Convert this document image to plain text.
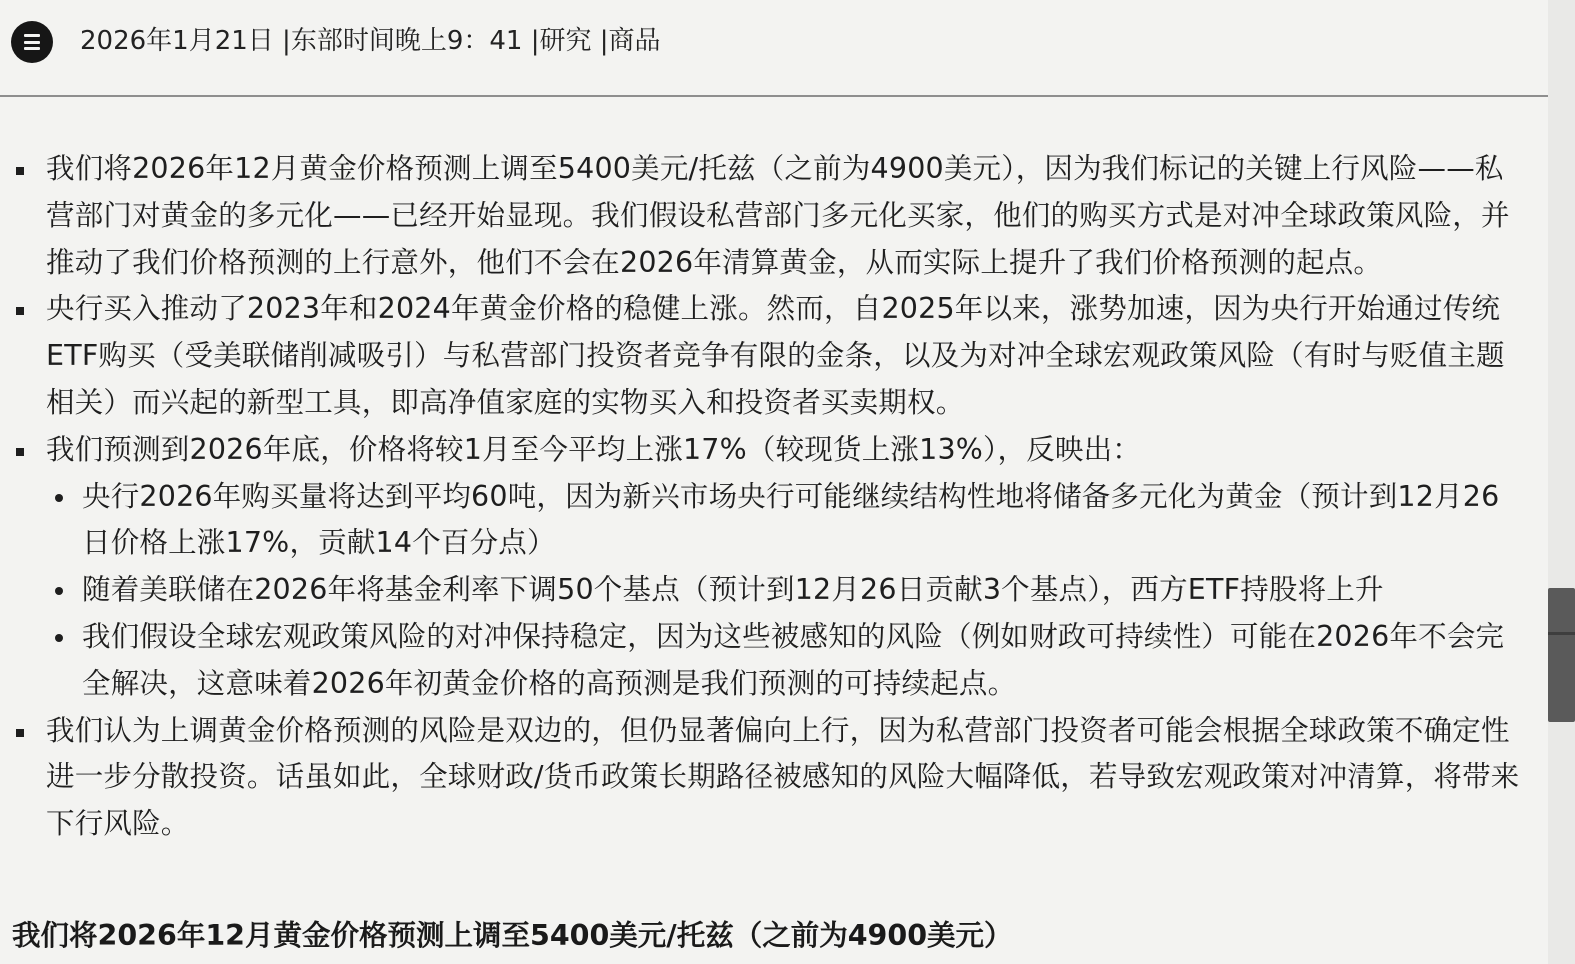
2026年1月21日 |东部时间晚上9：41 |研究 |商品
我们将2026年12月黄金价格预测上调至5400美元/托兹（之前为4900美元），因为我们标记的关键上行风险——私营部门对黄金的多元化——已经开始显现。我们假设私营部门多元化买家，他们的购买方式是对冲全球政策风险，并推动了我们价格预测的上行意外，他们不会在2026年清算黄金，从而实际上提升了我们价格预测的起点。
央行买入推动了2023年和2024年黄金价格的稳健上涨。然而，自2025年以来，涨势加速，因为央行开始通过传统ETF购买（受美联储削减吸引）与私营部门投资者竞争有限的金条，以及为对冲全球宏观政策风险（有时与贬值主题相关）而兴起的新型工具，即高净值家庭的实物买入和投资者买卖期权。
我们预测到2026年底，价格将较1月至今平均上涨17%（较现货上涨13%），反映出：
央行2026年购买量将达到平均60吨，因为新兴市场央行可能继续结构性地将储备多元化为黄金（预计到12月26日价格上涨17%，贡献14个百分点）
随着美联储在2026年将基金利率下调50个基点（预计到12月26日贡献3个基点），西方ETF持股将上升
我们假设全球宏观政策风险的对冲保持稳定，因为这些被感知的风险（例如财政可持续性）可能在2026年不会完全解决，这意味着2026年初黄金价格的高预测是我们预测的可持续起点。
我们认为上调黄金价格预测的风险是双边的，但仍显著偏向上行，因为私营部门投资者可能会根据全球政策不确定性进一步分散投资。话虽如此，全球财政/货币政策长期路径被感知的风险大幅降低，若导致宏观政策对冲清算，将带来下行风险。
我们将2026年12月黄金价格预测上调至5400美元/托兹（之前为4900美元）
